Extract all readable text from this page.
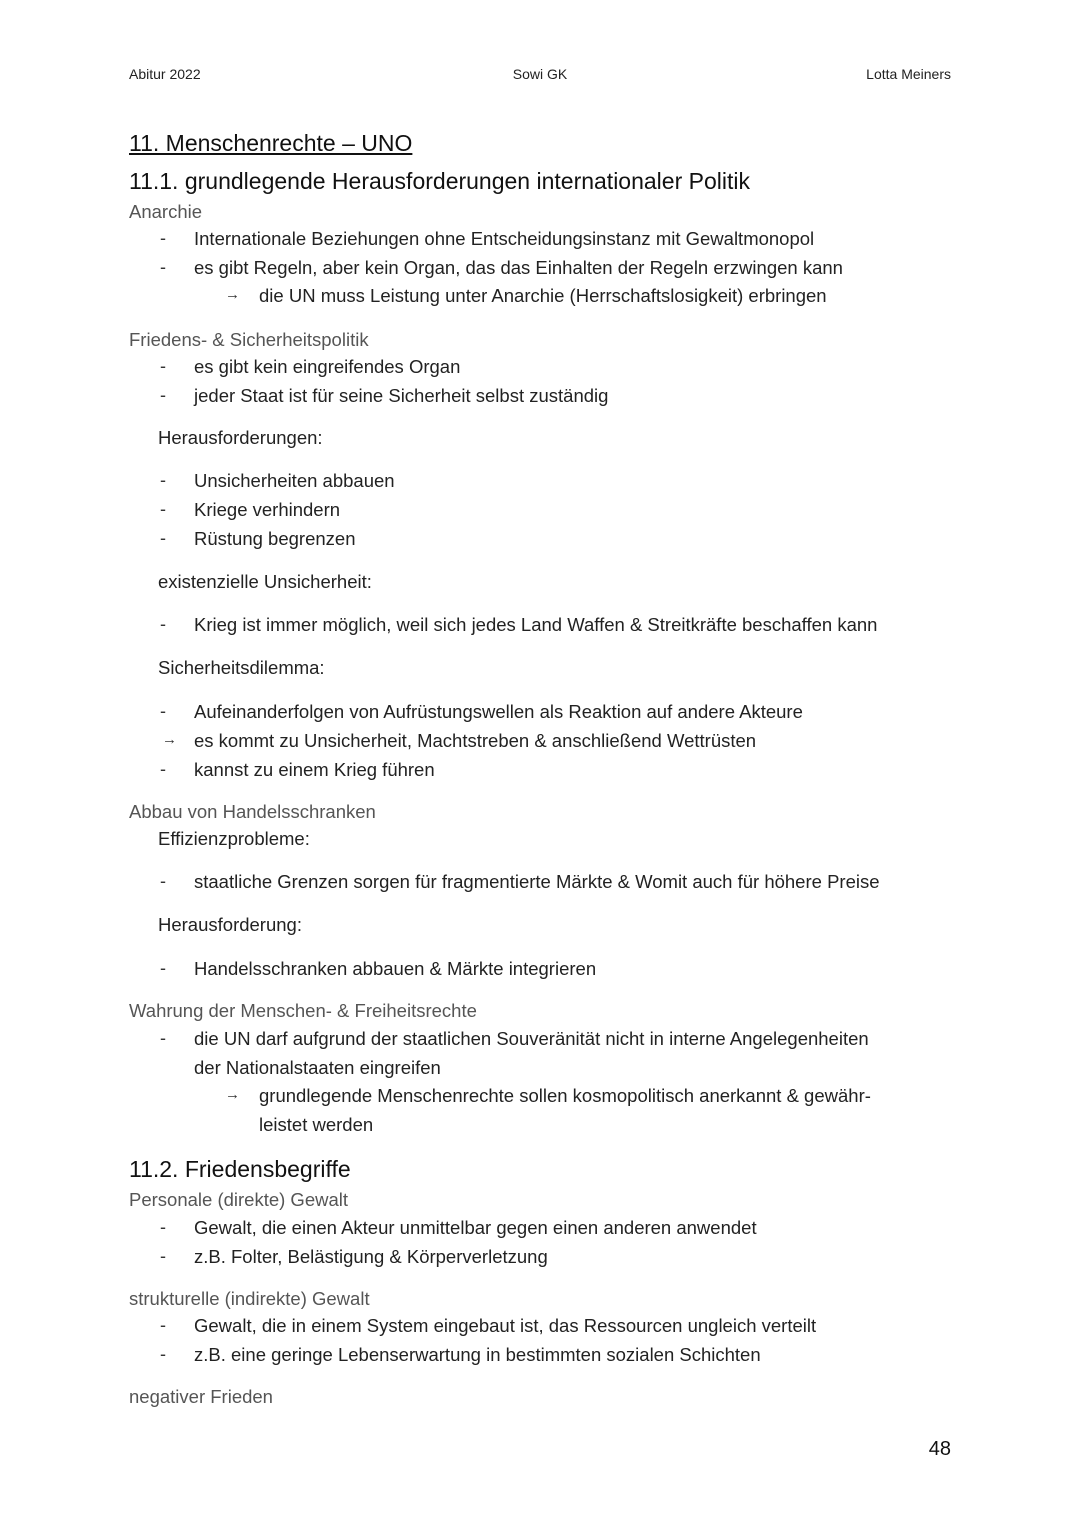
Abitur 2022	Sowi GK	Lotta Meiners
11. Menschenrechte – UNO
11.1. grundlegende Herausforderungen internationaler Politik
Anarchie
- Internationale Beziehungen ohne Entscheidungsinstanz mit Gewaltmonopol
- es gibt Regeln, aber kein Organ, das das Einhalten der Regeln erzwingen kann
→ die UN muss Leistung unter Anarchie (Herrschaftslosigkeit) erbringen
Friedens- & Sicherheitspolitik
- es gibt kein eingreifendes Organ
- jeder Staat ist für seine Sicherheit selbst zuständig
Herausforderungen:
- Unsicherheiten abbauen
- Kriege verhindern
- Rüstung begrenzen
existenzielle Unsicherheit:
- Krieg ist immer möglich, weil sich jedes Land Waffen & Streitkräfte beschaffen kann
Sicherheitsdilemma:
- Aufeinanderfolgen von Aufrüstungswellen als Reaktion auf andere Akteure
→ es kommt zu Unsicherheit, Machtstreben & anschließend Wettrüsten
- kannst zu einem Krieg führen
Abbau von Handelsschranken
Effizienzprobleme:
- staatliche Grenzen sorgen für fragmentierte Märkte & Womit auch für höhere Preise
Herausforderung:
- Handelsschranken abbauen & Märkte integrieren
Wahrung der Menschen- & Freiheitsrechte
- die UN darf aufgrund der staatlichen Souveränität nicht in interne Angelegenheiten
der Nationalstaaten eingreifen
→ grundlegende Menschenrechte sollen kosmopolitisch anerkannt & gewähr-
leistet werden
11.2. Friedensbegriffe
Personale (direkte) Gewalt
- Gewalt, die einen Akteur unmittelbar gegen einen anderen anwendet
- z.B. Folter, Belästigung & Körperverletzung
strukturelle (indirekte) Gewalt
- Gewalt, die in einem System eingebaut ist, das Ressourcen ungleich verteilt
- z.B. eine geringe Lebenserwartung in bestimmten sozialen Schichten
negativer Frieden
48
